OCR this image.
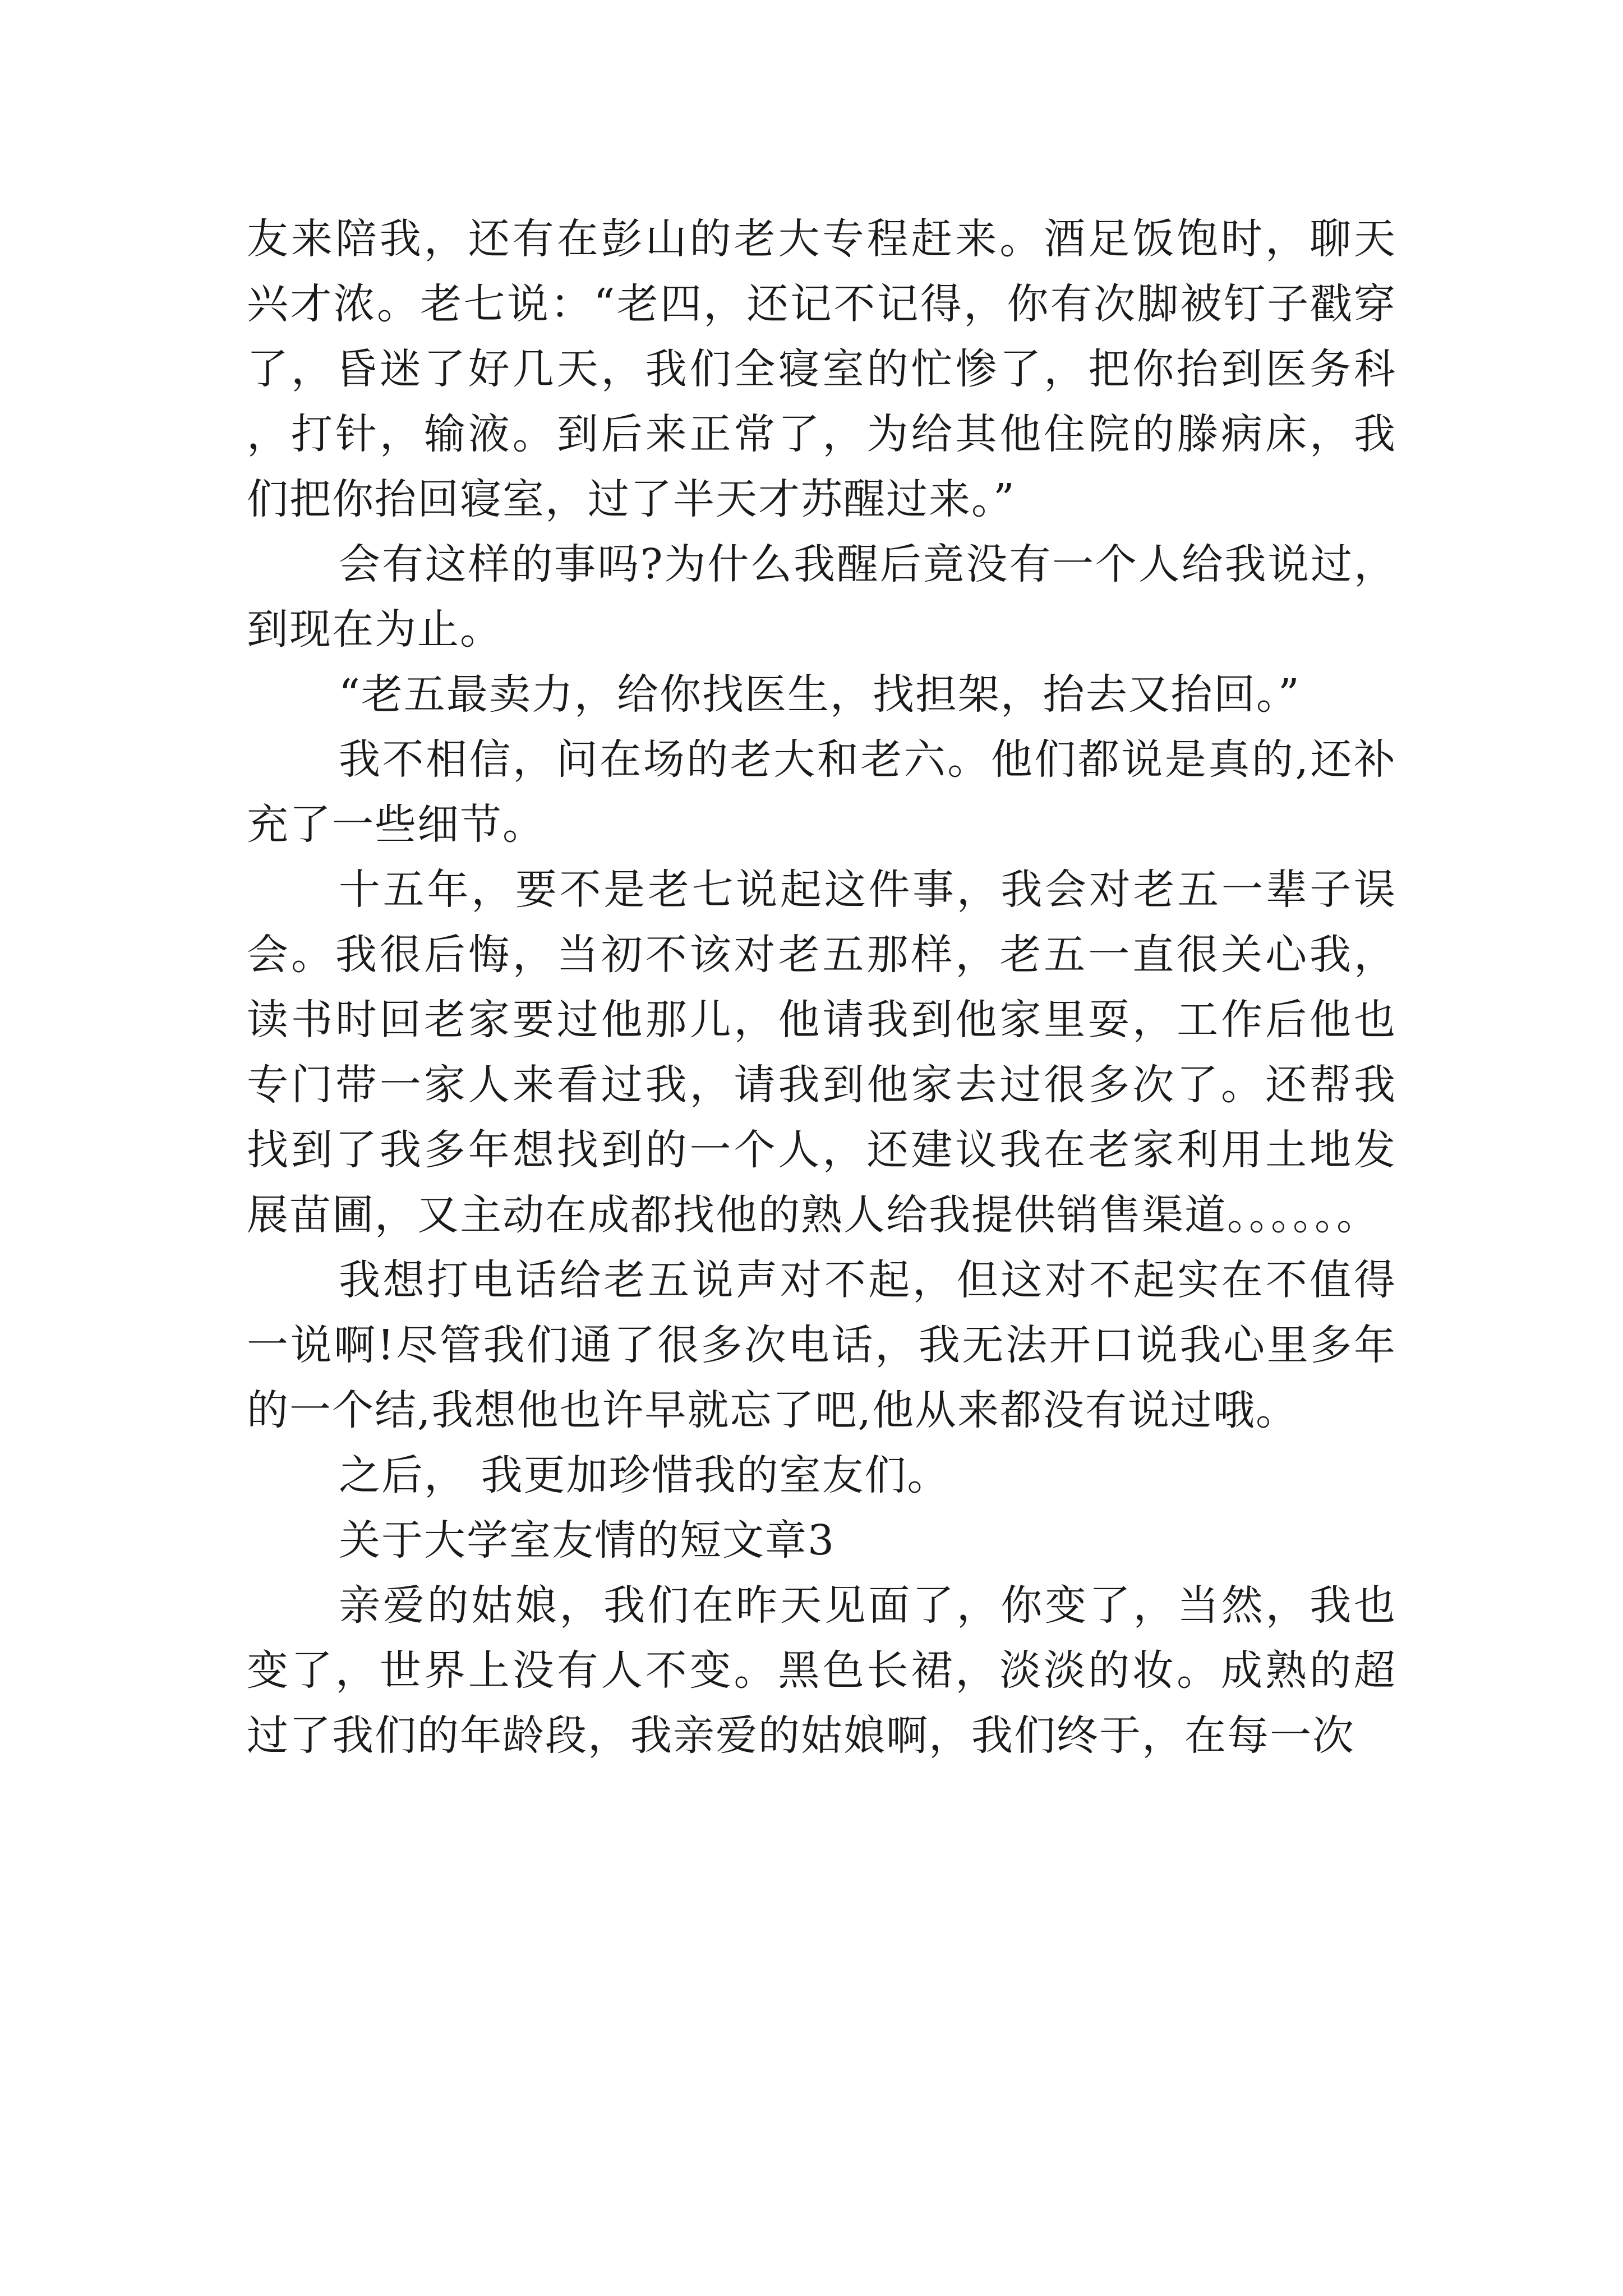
友来陪我，还有在彭山的老大专程赶来。酒足饭饱时，聊天兴才浓。老七说：“老四，还记不记得，你有次脚被钉子戳穿了，昏迷了好几天，我们全寝室的忙惨了，把你抬到医务科，打针，输液。到后来正常了，为给其他住院的滕病床，我们把你抬回寝室，过了半天才苏醒过来。”

会有这样的事吗?为什么我醒后竟没有一个人给我说过，到现在为止。

“老五最卖力，给你找医生，找担架，抬去又抬回。”

我不相信，问在场的老大和老六。他们都说是真的,还补充了一些细节。

十五年，要不是老七说起这件事，我会对老五一辈子误会。我很后悔，当初不该对老五那样，老五一直很关心我，读书时回老家要过他那儿，他请我到他家里耍，工作后他也专门带一家人来看过我，请我到他家去过很多次了。还帮我找到了我多年想找到的一个人，还建议我在老家利用土地发展苗圃，又主动在成都找他的熟人给我提供销售渠道。。。。。。

我想打电话给老五说声对不起，但这对不起实在不值得一说啊!尽管我们通了很多次电话，我无法开口说我心里多年的一个结,我想他也许早就忘了吧,他从来都没有说过哦。

之后， 我更加珍惜我的室友们。

关于大学室友情的短文章3

亲爱的姑娘，我们在昨天见面了，你变了，当然，我也变了，世界上没有人不变。黑色长裙，淡淡的妆。成熟的超过了我们的年龄段，我亲爱的姑娘啊，我们终于，在每一次
